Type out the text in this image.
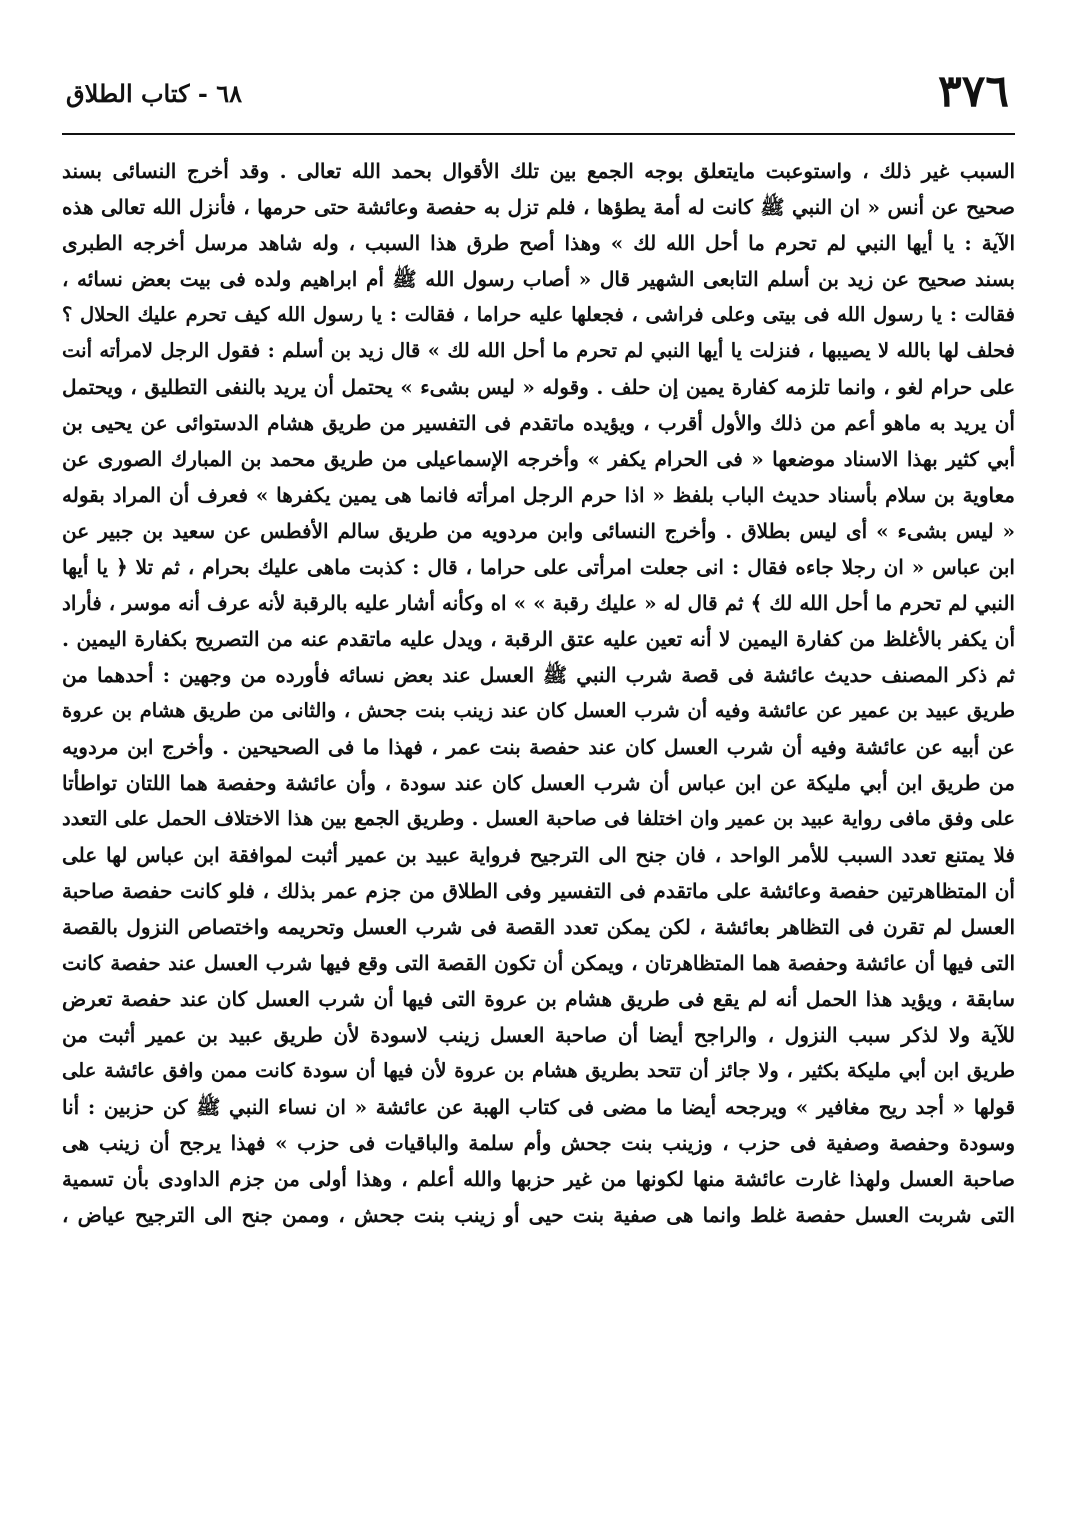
٣٧٦
٦٨ - كتاب الطلاق
السبب غير ذلك ، واستوعبت مايتعلق بوجه الجمع بين تلك الأقوال بحمد الله تعالى . وقد أخرج النسائى بسند
صحيح عن أنس « ان النبي ﷺ كانت له أمة يطؤها ، فلم تزل به حفصة وعائشة حتى حرمها ، فأنزل الله تعالى هذه
الآية : يا أيها النبي لم تحرم ما أحل الله لك » وهذا أصح طرق هذا السبب ، وله شاهد مرسل أخرجه الطبرى
بسند صحيح عن زيد بن أسلم التابعى الشهير قال « أصاب رسول الله ﷺ أم ابراهيم ولده فى بيت بعض نسائه ،
فقالت : يا رسول الله فى بيتى وعلى فراشى ، فجعلها عليه حراما ، فقالت : يا رسول الله كيف تحرم عليك الحلال ؟
فحلف لها بالله لا يصيبها ، فنزلت يا أيها النبي لم تحرم ما أحل الله لك » قال زيد بن أسلم : فقول الرجل لامرأته أنت
على حرام لغو ، وانما تلزمه كفارة يمين إن حلف . وقوله « ليس بشىء » يحتمل أن يريد بالنفى التطليق ، ويحتمل
أن يريد به ماهو أعم من ذلك والأول أقرب ، ويؤيده ماتقدم فى التفسير من طريق هشام الدستوائى عن يحيى بن
أبي كثير بهذا الاسناد موضعها « فى الحرام يكفر » وأخرجه الإسماعيلى من طريق محمد بن المبارك الصورى عن
معاوية بن سلام بأسناد حديث الباب بلفظ « اذا حرم الرجل امرأته فانما هى يمين يكفرها » فعرف أن المراد بقوله
« ليس بشىء » أى ليس بطلاق . وأخرج النسائى وابن مردويه من طريق سالم الأفطس عن سعيد بن جبير عن
ابن عباس « ان رجلا جاءه فقال : انى جعلت امرأتى على حراما ، قال : كذبت ماهى عليك بحرام ، ثم تلا ﴿ يا أيها
النبي لم تحرم ما أحل الله لك ﴾ ثم قال له « عليك رقبة » » اه وكأنه أشار عليه بالرقبة لأنه عرف أنه موسر ، فأراد
أن يكفر بالأغلظ من كفارة اليمين لا أنه تعين عليه عتق الرقبة ، ويدل عليه ماتقدم عنه من التصريح بكفارة اليمين .
ثم ذكر المصنف حديث عائشة فى قصة شرب النبي ﷺ العسل عند بعض نسائه فأورده من وجهين : أحدهما من
طريق عبيد بن عمير عن عائشة وفيه أن شرب العسل كان عند زينب بنت جحش ، والثانى من طريق هشام بن عروة
عن أبيه عن عائشة وفيه أن شرب العسل كان عند حفصة بنت عمر ، فهذا ما فى الصحيحين . وأخرج ابن مردويه
من طريق ابن أبي مليكة عن ابن عباس أن شرب العسل كان عند سودة ، وأن عائشة وحفصة هما اللتان تواطأتا
على وفق مافى رواية عبيد بن عمير وان اختلفا فى صاحبة العسل . وطريق الجمع بين هذا الاختلاف الحمل على التعدد
فلا يمتنع تعدد السبب للأمر الواحد ، فان جنح الى الترجيح فرواية عبيد بن عمير أثبت لموافقة ابن عباس لها على
أن المتظاهرتين حفصة وعائشة على ماتقدم فى التفسير وفى الطلاق من جزم عمر بذلك ، فلو كانت حفصة صاحبة
العسل لم تقرن فى التظاهر بعائشة ، لكن يمكن تعدد القصة فى شرب العسل وتحريمه واختصاص النزول بالقصة
التى فيها أن عائشة وحفصة هما المتظاهرتان ، ويمكن أن تكون القصة التى وقع فيها شرب العسل عند حفصة كانت
سابقة ، ويؤيد هذا الحمل أنه لم يقع فى طريق هشام بن عروة التى فيها أن شرب العسل كان عند حفصة تعرض
للآية ولا لذكر سبب النزول ، والراجح أيضا أن صاحبة العسل زينب لاسودة لأن طريق عبيد بن عمير أثبت من
طريق ابن أبي مليكة بكثير ، ولا جائز أن تتحد بطريق هشام بن عروة لأن فيها أن سودة كانت ممن وافق عائشة على
قولها « أجد ريح مغافير » ويرجحه أيضا ما مضى فى كتاب الهبة عن عائشة « ان نساء النبي ﷺ كن حزبين : أنا
وسودة وحفصة وصفية فى حزب ، وزينب بنت جحش وأم سلمة والباقيات فى حزب » فهذا يرجح أن زينب هى
صاحبة العسل ولهذا غارت عائشة منها لكونها من غير حزبها والله أعلم ، وهذا أولى من جزم الداودى بأن تسمية
التى شربت العسل حفصة غلط وانما هى صفية بنت حيى أو زينب بنت جحش ، وممن جنح الى الترجيح عياض ،
